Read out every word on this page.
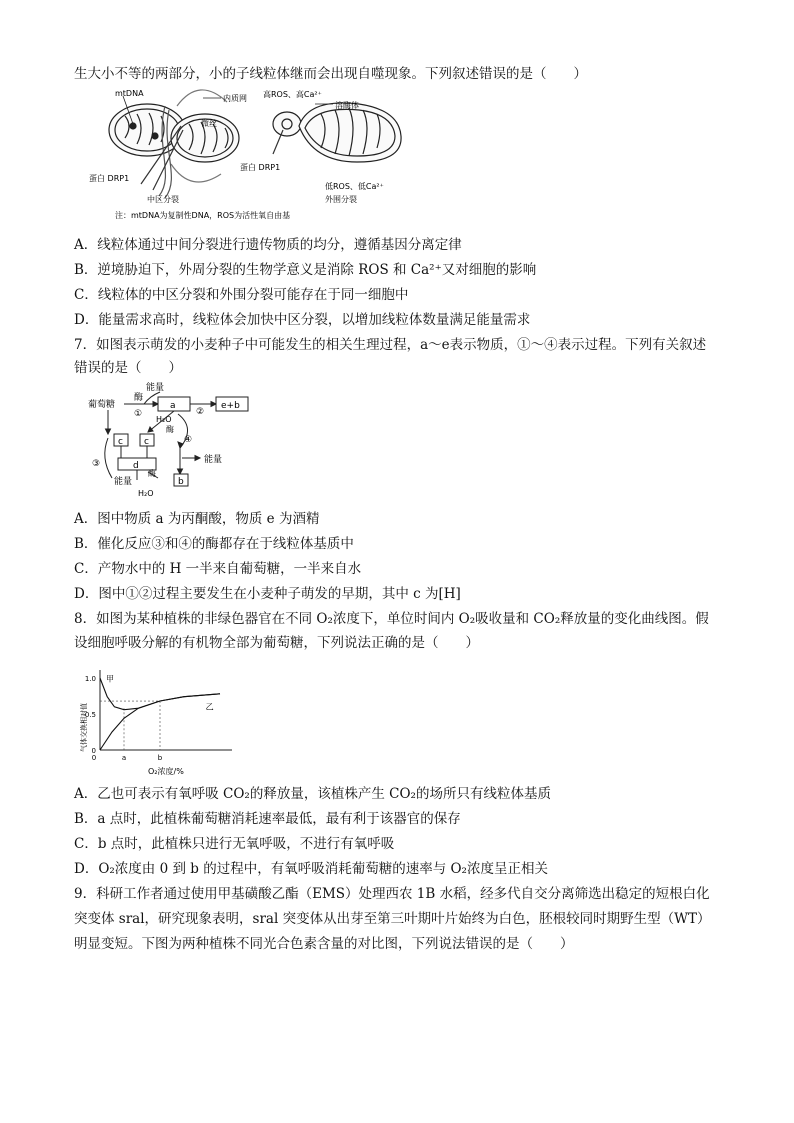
生大小不等的两部分，小的子线粒体继而会出现自噬现象。下列叙述错误的是（　　）
mtDNA
内质网
微丝
蛋白 DRP1
中区分裂
高ROS、高Ca²⁺
溶酶体
蛋白 DRP1
低ROS、低Ca²⁺
外围分裂
注：mtDNA为复制性DNA，ROS为活性氧自由基
A．线粒体通过中间分裂进行遗传物质的均分，遵循基因分离定律
B．逆境胁迫下，外周分裂的生物学意义是消除 ROS 和 Ca²⁺又对细胞的影响
C．线粒体的中区分裂和外围分裂可能存在于同一细胞中
D．能量需求高时，线粒体会加快中区分裂，以增加线粒体数量满足能量需求
7．如图表示萌发的小麦种子中可能发生的相关生理过程，a～e表示物质，①～④表示过程。下列有关叙述
错误的是（　　）
葡萄糖
能量
酶
①
a
②
e+b
H₂O
酶
c c	④
能量
d
③
酶
能量
H₂O
b
A．图中物质 a 为丙酮酸，物质 e 为酒精
B．催化反应③和④的酶都存在于线粒体基质中
C．产物水中的 H 一半来自葡萄糖，一半来自水
D．图中①②过程主要发生在小麦种子萌发的早期，其中 c 为[H]
8．如图为某种植株的非绿色器官在不同 O₂浓度下，单位时间内 O₂吸收量和 CO₂释放量的变化曲线图。假
设细胞呼吸分解的有机物全部为葡萄糖，下列说法正确的是（　　）
气体交换相对值
O₂浓度/%
0
0.5
1.0
0	a	b
甲
乙
A．乙也可表示有氧呼吸 CO₂的释放量，该植株产生 CO₂的场所只有线粒体基质
B．a 点时，此植株葡萄糖消耗速率最低，最有利于该器官的保存
C．b 点时，此植株只进行无氧呼吸，不进行有氧呼吸
D．O₂浓度由 0 到 b 的过程中，有氧呼吸消耗葡萄糖的速率与 O₂浓度呈正相关
9．科研工作者通过使用甲基磺酸乙酯（EMS）处理西农 1B 水稻，经多代自交分离筛选出稳定的短根白化
突变体 sral，研究现象表明，sral 突变体从出芽至第三叶期叶片始终为白色，胚根较同时期野生型（WT）
明显变短。下图为两种植株不同光合色素含量的对比图，下列说法错误的是（　　）
